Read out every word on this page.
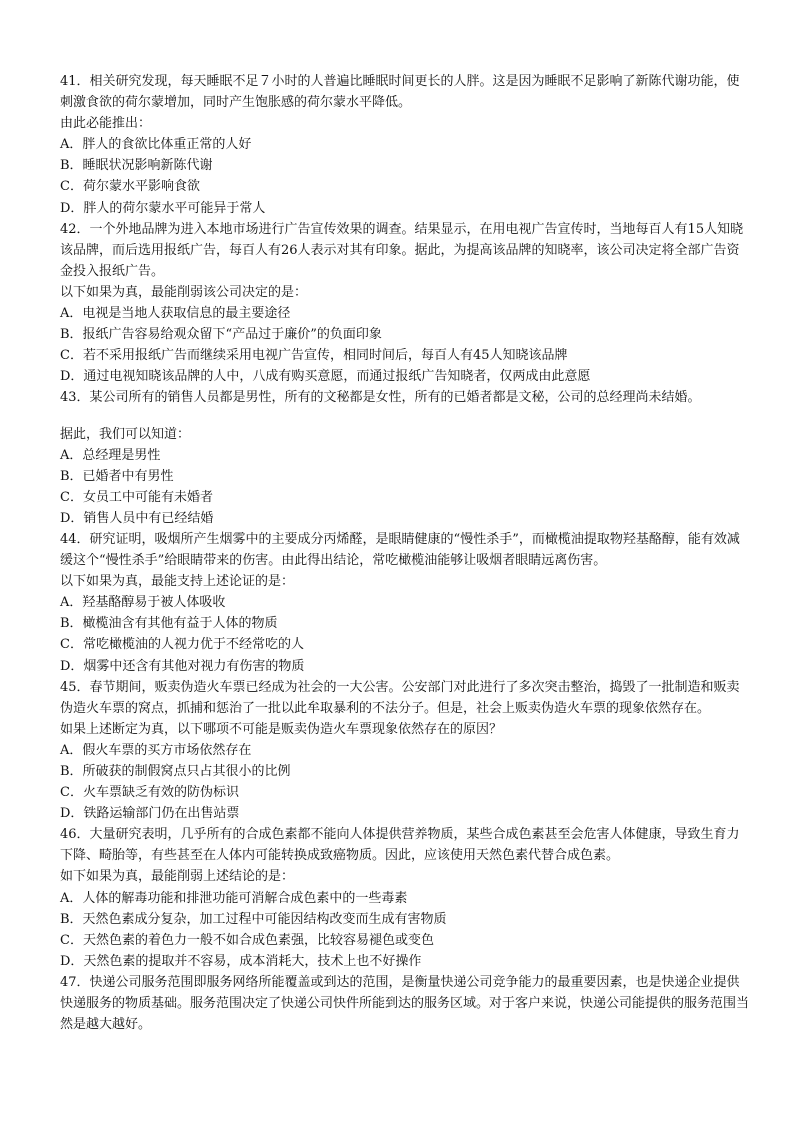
41．相关研究发现，每天睡眠不足７小时的人普遍比睡眠时间更长的人胖。这是因为睡眠不足影响了新陈代谢功能，使刺激食欲的荷尔蒙增加，同时产生饱胀感的荷尔蒙水平降低。

由此必能推出：
A．胖人的食欲比体重正常的人好
B．睡眠状况影响新陈代谢
C．荷尔蒙水平影响食欲
D．胖人的荷尔蒙水平可能异于常人

42．一个外地品牌为进入本地市场进行广告宣传效果的调查。结果显示，在用电视广告宣传时，当地每百人有15人知晓该品牌，而后选用报纸广告，每百人有26人表示对其有印象。据此，为提高该品牌的知晓率，该公司决定将全部广告资金投入报纸广告。

以下如果为真，最能削弱该公司决定的是：
A．电视是当地人获取信息的最主要途径
B．报纸广告容易给观众留下“产品过于廉价”的负面印象
C．若不采用报纸广告而继续采用电视广告宣传，相同时间后，每百人有45人知晓该品牌
D．通过电视知晓该品牌的人中，八成有购买意愿，而通过报纸广告知晓者，仅两成由此意愿

43．某公司所有的销售人员都是男性，所有的文秘都是女性，所有的已婚者都是文秘，公司的总经理尚未结婚。

据此，我们可以知道：
A．总经理是男性
B．已婚者中有男性
C．女员工中可能有未婚者
D．销售人员中有已经结婚

44．研究证明，吸烟所产生烟雾中的主要成分丙烯醛，是眼睛健康的“慢性杀手”，而橄榄油提取物羟基酪醇，能有效减缓这个“慢性杀手”给眼睛带来的伤害。由此得出结论，常吃橄榄油能够让吸烟者眼睛远离伤害。

以下如果为真，最能支持上述论证的是：
A．羟基酪醇易于被人体吸收
B．橄榄油含有其他有益于人体的物质
C．常吃橄榄油的人视力优于不经常吃的人
D．烟雾中还含有其他对视力有伤害的物质

45．春节期间，贩卖伪造火车票已经成为社会的一大公害。公安部门对此进行了多次突击整治，捣毁了一批制造和贩卖伪造火车票的窝点，抓捕和惩治了一批以此牟取暴利的不法分子。但是，社会上贩卖伪造火车票的现象依然存在。

如果上述断定为真，以下哪项不可能是贩卖伪造火车票现象依然存在的原因？
A．假火车票的买方市场依然存在
B．所破获的制假窝点只占其很小的比例
C．火车票缺乏有效的防伪标识
D．铁路运输部门仍在出售站票

46．大量研究表明，几乎所有的合成色素都不能向人体提供营养物质，某些合成色素甚至会危害人体健康，导致生育力下降、畸胎等，有些甚至在人体内可能转换成致癌物质。因此，应该使用天然色素代替合成色素。

如下如果为真，最能削弱上述结论的是：
A．人体的解毒功能和排泄功能可消解合成色素中的一些毒素
B．天然色素成分复杂，加工过程中可能因结构改变而生成有害物质
C．天然色素的着色力一般不如合成色素强，比较容易褪色或变色
D．天然色素的提取并不容易，成本消耗大，技术上也不好操作

47．快递公司服务范围即服务网络所能覆盖或到达的范围，是衡量快递公司竞争能力的最重要因素，也是快递企业提供快递服务的物质基础。服务范围决定了快递公司快件所能到达的服务区域。对于客户来说，快递公司能提供的服务范围当然是越大越好。
